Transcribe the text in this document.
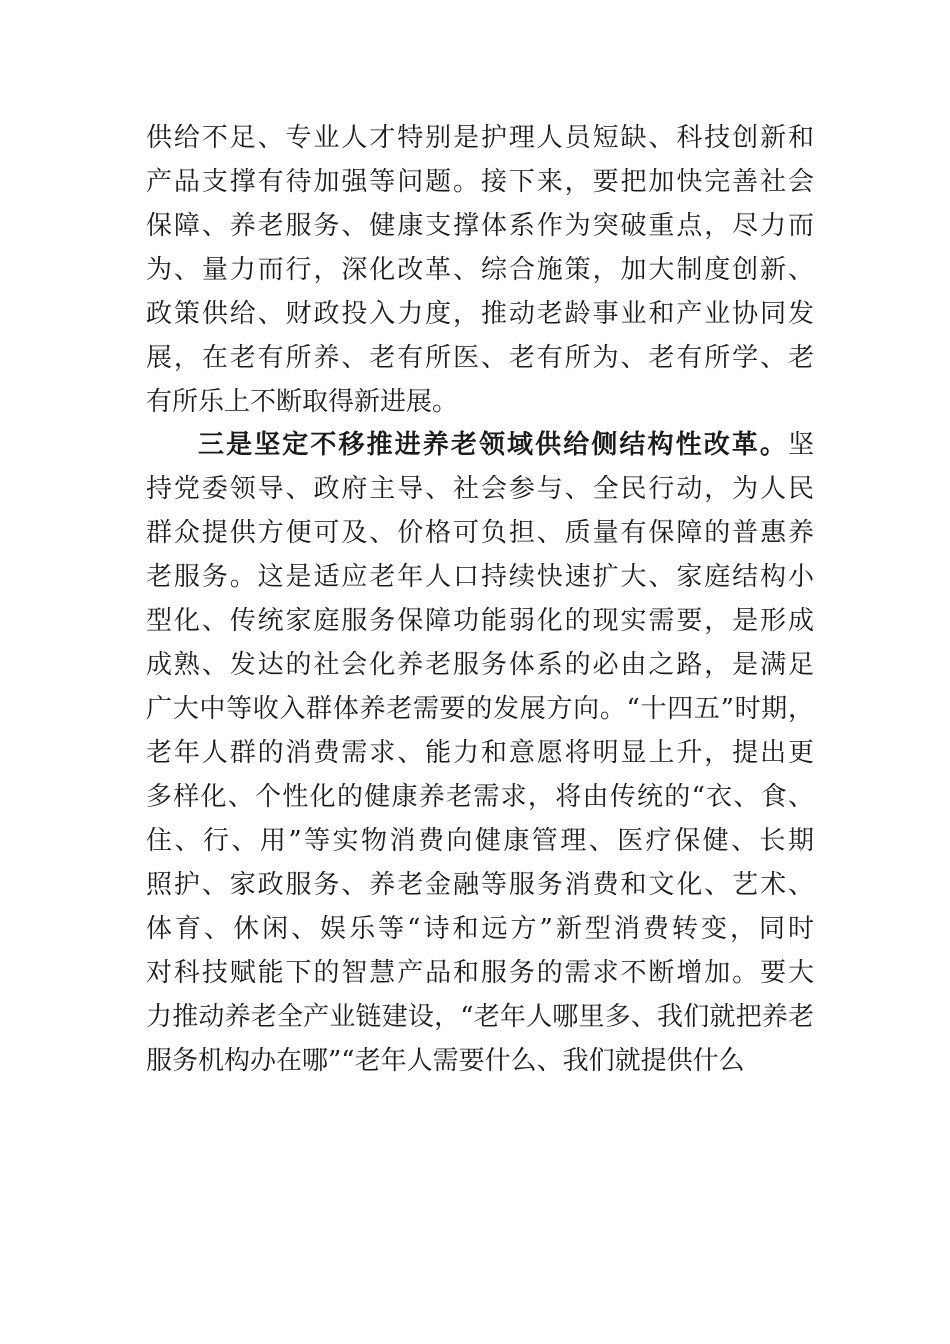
供给不足、专业人才特别是护理人员短缺、科技创新和
产品支撑有待加强等问题。接下来，要把加快完善社会
保障、养老服务、健康支撑体系作为突破重点，尽力而
为、量力而行，深化改革、综合施策，加大制度创新、
政策供给、财政投入力度，推动老龄事业和产业协同发
展，在老有所养、老有所医、老有所为、老有所学、老
有所乐上不断取得新进展。
三是坚定不移推进养老领域供给侧结构性改革。坚
持党委领导、政府主导、社会参与、全民行动，为人民
群众提供方便可及、价格可负担、质量有保障的普惠养
老服务。这是适应老年人口持续快速扩大、家庭结构小
型化、传统家庭服务保障功能弱化的现实需要，是形成
成熟、发达的社会化养老服务体系的必由之路，是满足
广大中等收入群体养老需要的发展方向。“十四五”时期，
老年人群的消费需求、能力和意愿将明显上升，提出更
多样化、个性化的健康养老需求，将由传统的“衣、食、
住、行、用”等实物消费向健康管理、医疗保健、长期
照护、家政服务、养老金融等服务消费和文化、艺术、
体育、休闲、娱乐等“诗和远方”新型消费转变，同时
对科技赋能下的智慧产品和服务的需求不断增加。要大
力推动养老全产业链建设，“老年人哪里多、我们就把养老
服务机构办在哪”“老年人需要什么、我们就提供什么
